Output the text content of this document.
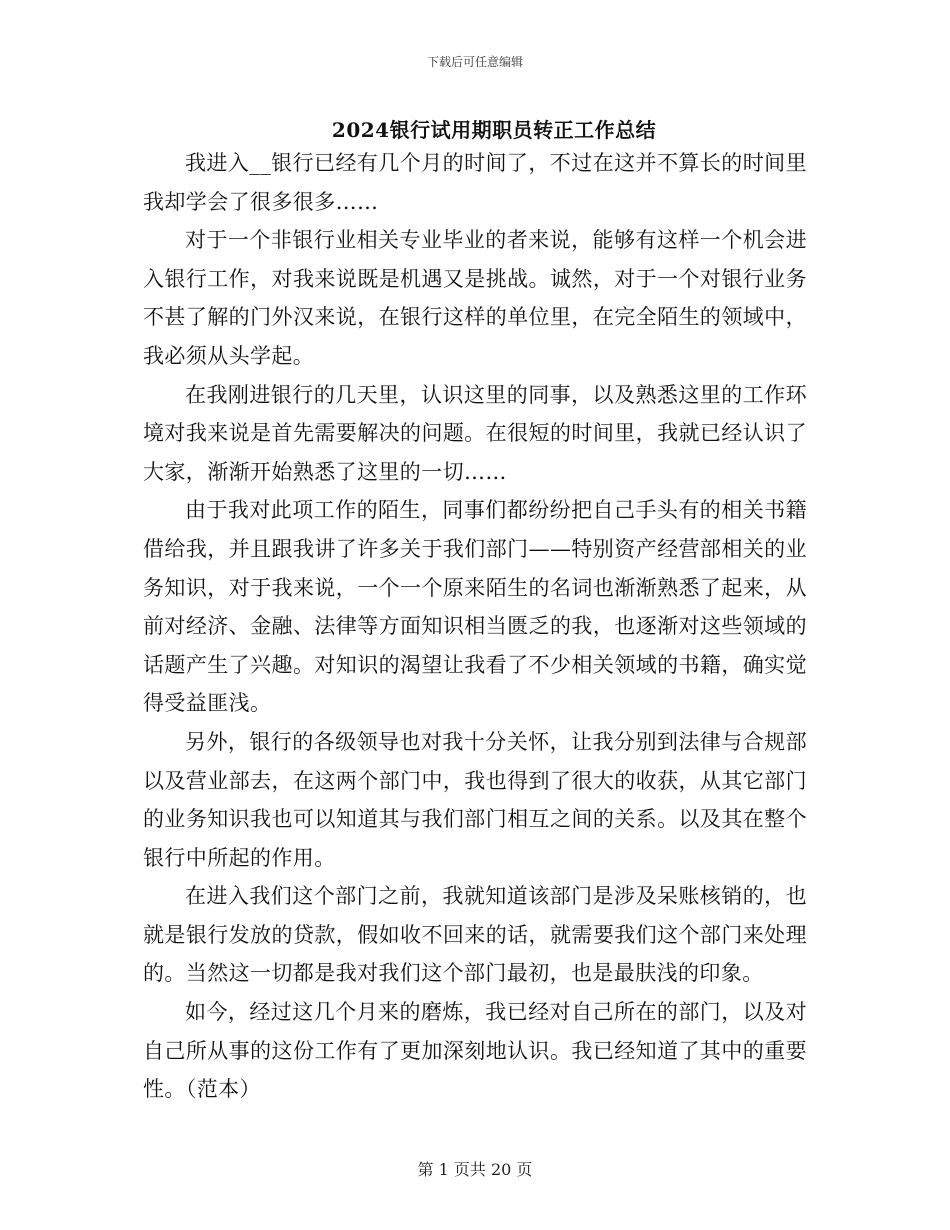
下载后可任意编辑
2024银行试用期职员转正工作总结

我进入__银行已经有几个月的时间了，不过在这并不算长的时间里我却学会了很多很多……

对于一个非银行业相关专业毕业的者来说，能够有这样一个机会进入银行工作，对我来说既是机遇又是挑战。诚然，对于一个对银行业务不甚了解的门外汉来说，在银行这样的单位里，在完全陌生的领域中，我必须从头学起。

在我刚进银行的几天里，认识这里的同事，以及熟悉这里的工作环境对我来说是首先需要解决的问题。在很短的时间里，我就已经认识了大家，渐渐开始熟悉了这里的一切……

由于我对此项工作的陌生，同事们都纷纷把自己手头有的相关书籍借给我，并且跟我讲了许多关于我们部门——特别资产经营部相关的业务知识，对于我来说，一个一个原来陌生的名词也渐渐熟悉了起来，从前对经济、金融、法律等方面知识相当匮乏的我，也逐渐对这些领域的话题产生了兴趣。对知识的渴望让我看了不少相关领域的书籍，确实觉得受益匪浅。

另外，银行的各级领导也对我十分关怀，让我分别到法律与合规部以及营业部去，在这两个部门中，我也得到了很大的收获，从其它部门的业务知识我也可以知道其与我们部门相互之间的关系。以及其在整个银行中所起的作用。

在进入我们这个部门之前，我就知道该部门是涉及呆账核销的，也就是银行发放的贷款，假如收不回来的话，就需要我们这个部门来处理的。当然这一切都是我对我们这个部门最初，也是最肤浅的印象。

如今，经过这几个月来的磨炼，我已经对自己所在的部门，以及对自己所从事的这份工作有了更加深刻地认识。我已经知道了其中的重要性。（范本）

第 1 页共 20 页
